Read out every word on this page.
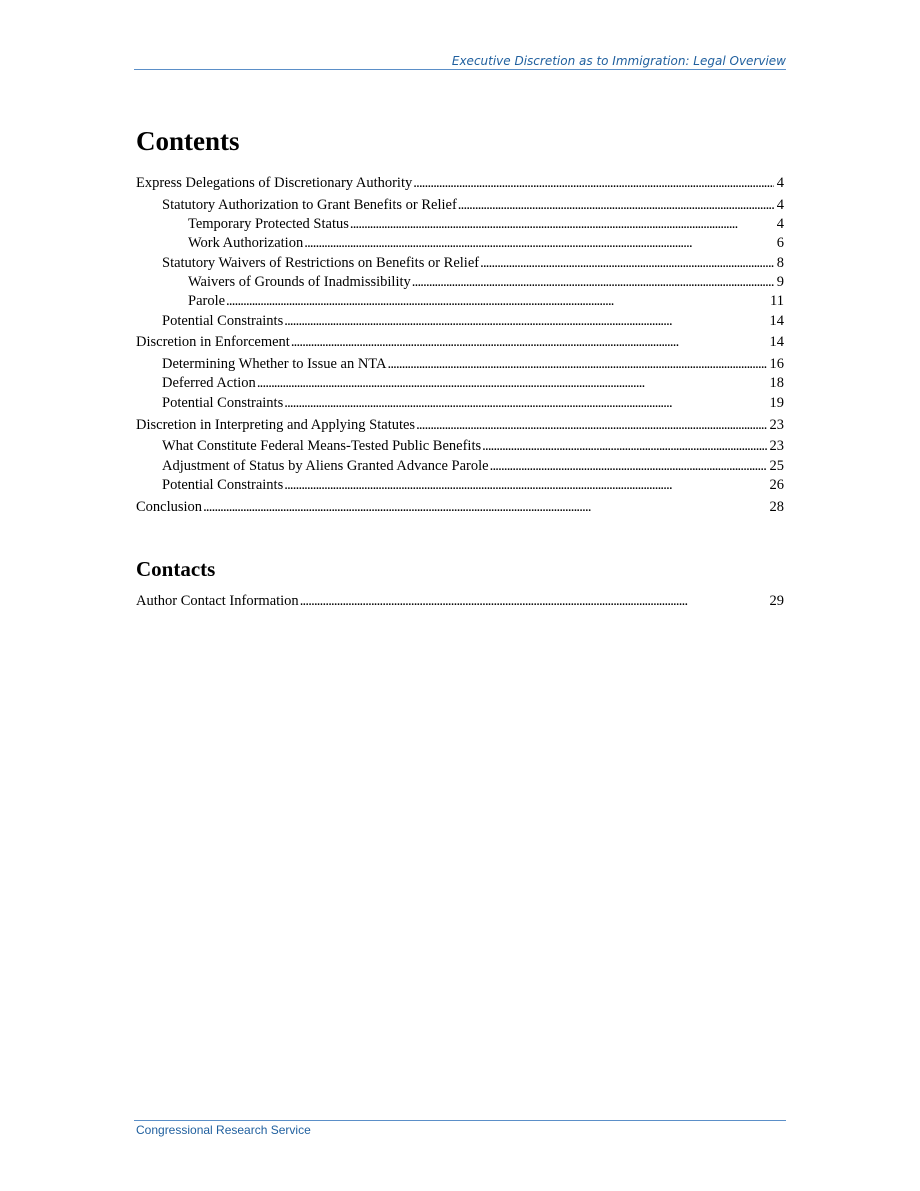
Executive Discretion as to Immigration: Legal Overview
Contents
Express Delegations of Discretionary Authority . . .	4
Statutory Authorization to Grant Benefits or Relief . . .	4
Temporary Protected Status . . .	4
Work Authorization . . .	6
Statutory Waivers of Restrictions on Benefits or Relief . . .	8
Waivers of Grounds of Inadmissibility . . .	9
Parole . . .	11
Potential Constraints . . .	14
Discretion in Enforcement . . .	14
Determining Whether to Issue an NTA . . .	16
Deferred Action . . .	18
Potential Constraints . . .	19
Discretion in Interpreting and Applying Statutes . . .	23
What Constitute Federal Means-Tested Public Benefits . . .	23
Adjustment of Status by Aliens Granted Advance Parole . . .	25
Potential Constraints . . .	26
Conclusion . . .	28
Contacts
Author Contact Information . . .	29
Congressional Research Service
